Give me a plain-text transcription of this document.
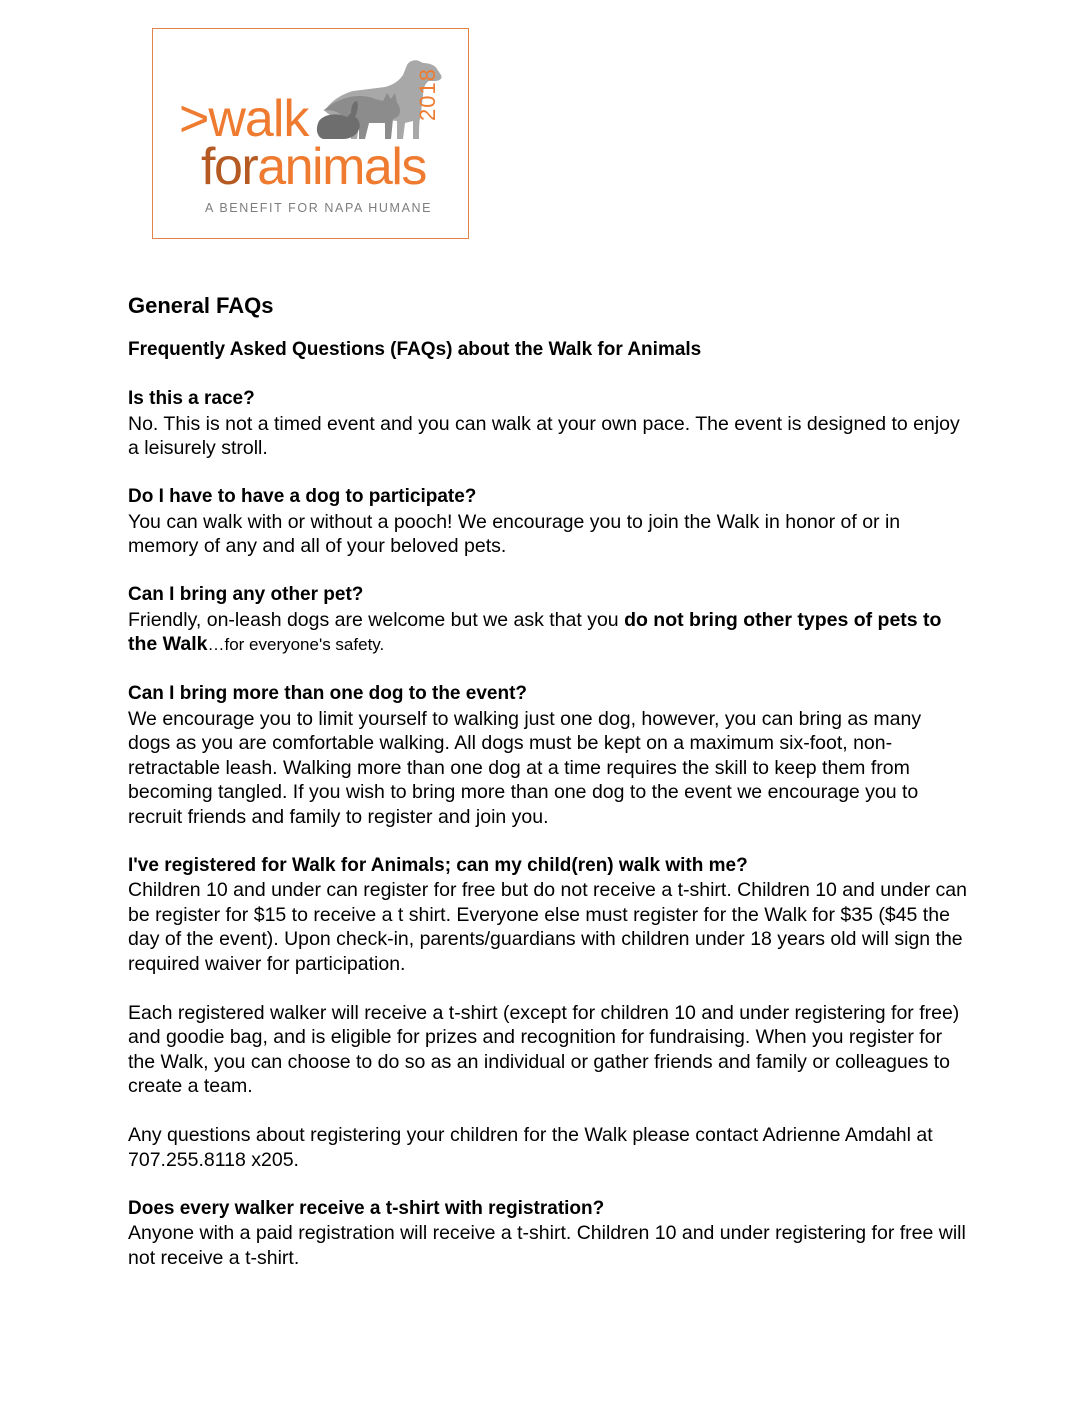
>walk
foranimals
2018
A BENEFIT FOR NAPA HUMANE
General FAQs

Frequently Asked Questions (FAQs) about the Walk for Animals

Is this a race?

No. This is not a timed event and you can walk at your own pace. The event is designed to enjoy a leisurely stroll.

Do I have to have a dog to participate?

You can walk with or without a pooch! We encourage you to join the Walk in honor of or in memory of any and all of your beloved pets.

Can I bring any other pet?

Friendly, on-leash dogs are welcome but we ask that you do not bring other types of pets to the Walk…for everyone's safety.

Can I bring more than one dog to the event?

We encourage you to limit yourself to walking just one dog, however, you can bring as many dogs as you are comfortable walking. All dogs must be kept on a maximum six-foot, non-retractable leash. Walking more than one dog at a time requires the skill to keep them from becoming tangled. If you wish to bring more than one dog to the event we encourage you to recruit friends and family to register and join you.

I've registered for Walk for Animals; can my child(ren) walk with me?

Children 10 and under can register for free but do not receive a t-shirt. Children 10 and under can be register for $15 to receive a t shirt. Everyone else must register for the Walk for $35 ($45 the day of the event). Upon check-in, parents/guardians with children under 18 years old will sign the required waiver for participation.

Each registered walker will receive a t-shirt (except for children 10 and under registering for free) and goodie bag, and is eligible for prizes and recognition for fundraising. When you register for the Walk, you can choose to do so as an individual or gather friends and family or colleagues to create a team.

Any questions about registering your children for the Walk please contact Adrienne Amdahl at 707.255.8118 x205.

Does every walker receive a t-shirt with registration?

Anyone with a paid registration will receive a t-shirt. Children 10 and under registering for free will not receive a t-shirt.
